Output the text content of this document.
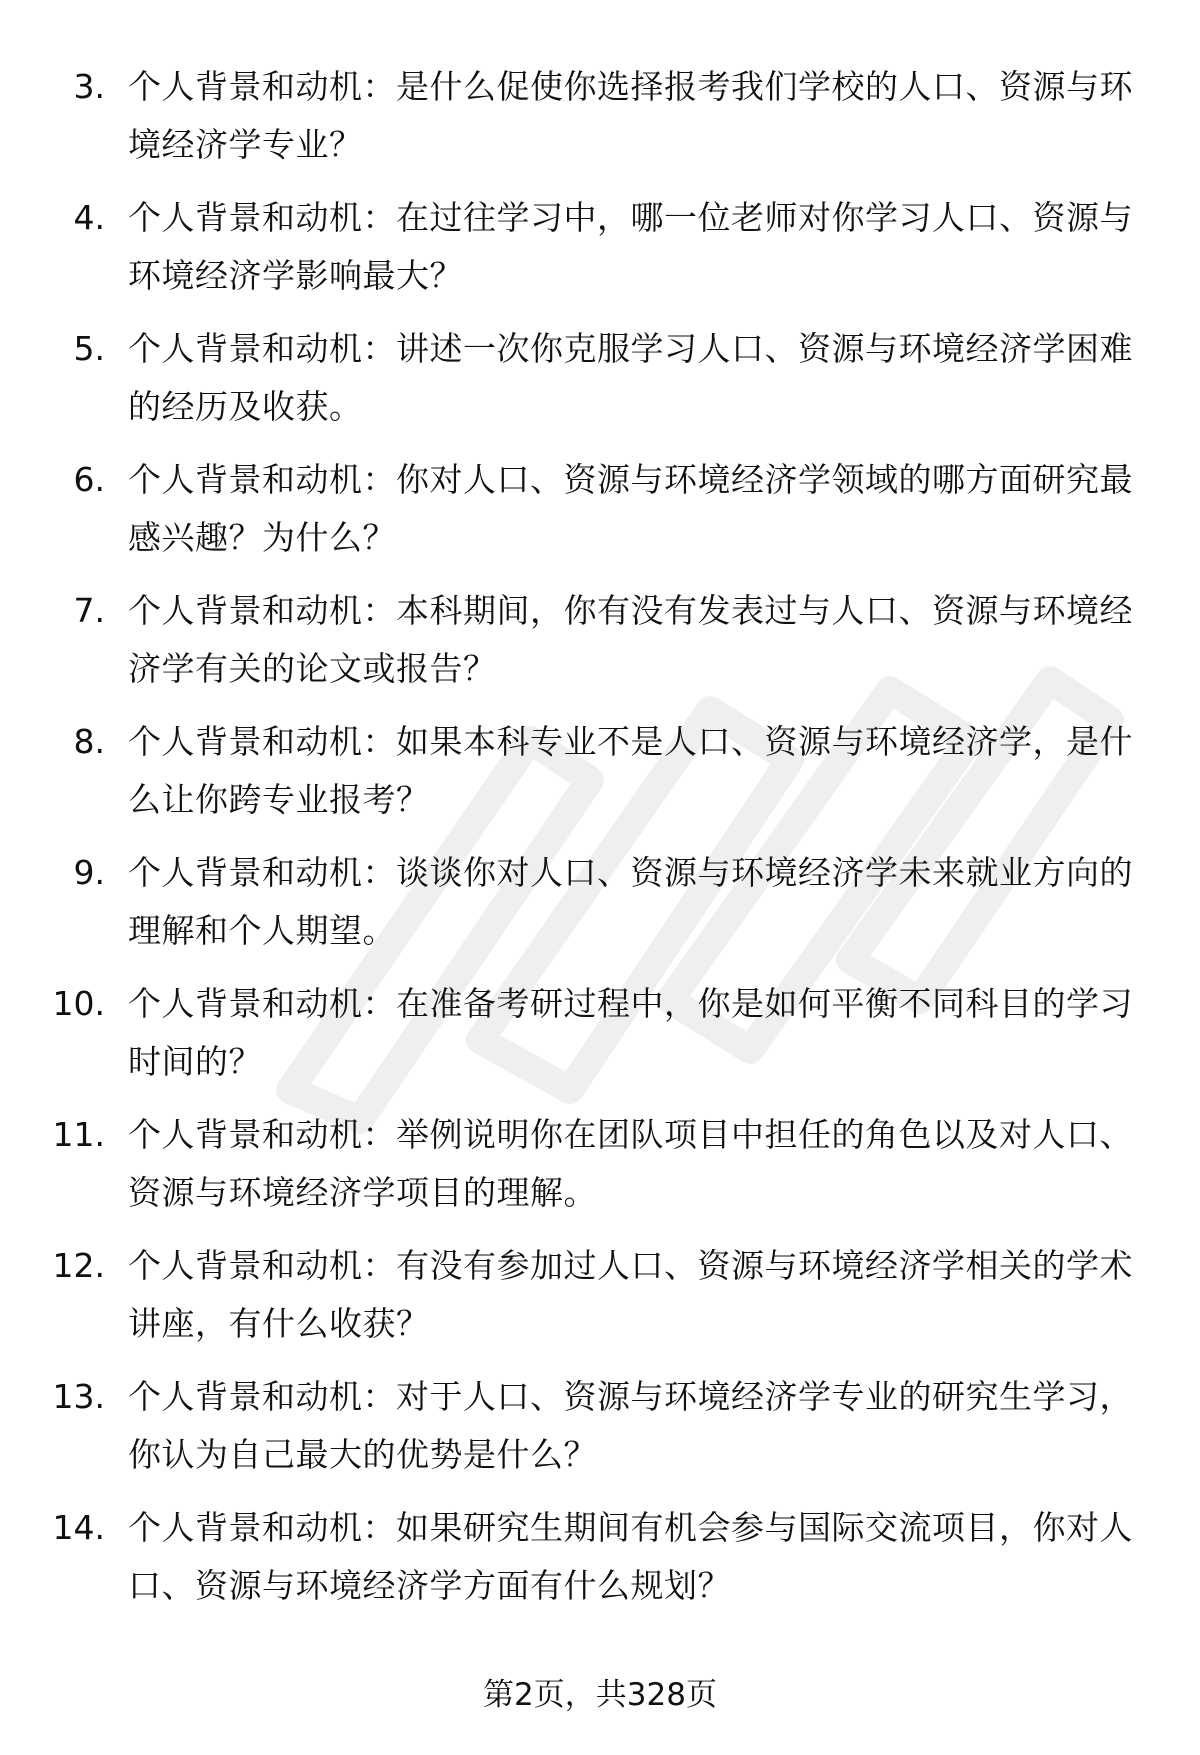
3. 个人背景和动机：是什么促使你选择报考我们学校的人口、资源与环境经济学专业？
4. 个人背景和动机：在过往学习中，哪一位老师对你学习人口、资源与环境经济学影响最大？
5. 个人背景和动机：讲述一次你克服学习人口、资源与环境经济学困难的经历及收获。
6. 个人背景和动机：你对人口、资源与环境经济学领域的哪方面研究最感兴趣？为什么？
7. 个人背景和动机：本科期间，你有没有发表过与人口、资源与环境经济学有关的论文或报告？
8. 个人背景和动机：如果本科专业不是人口、资源与环境经济学，是什么让你跨专业报考？
9. 个人背景和动机：谈谈你对人口、资源与环境经济学未来就业方向的理解和个人期望。
10. 个人背景和动机：在准备考研过程中，你是如何平衡不同科目的学习时间的？
11. 个人背景和动机：举例说明你在团队项目中担任的角色以及对人口、资源与环境经济学项目的理解。
12. 个人背景和动机：有没有参加过人口、资源与环境经济学相关的学术讲座，有什么收获？
13. 个人背景和动机：对于人口、资源与环境经济学专业的研究生学习，你认为自己最大的优势是什么？
14. 个人背景和动机：如果研究生期间有机会参与国际交流项目，你对人口、资源与环境经济学方面有什么规划？
第2页，共328页
